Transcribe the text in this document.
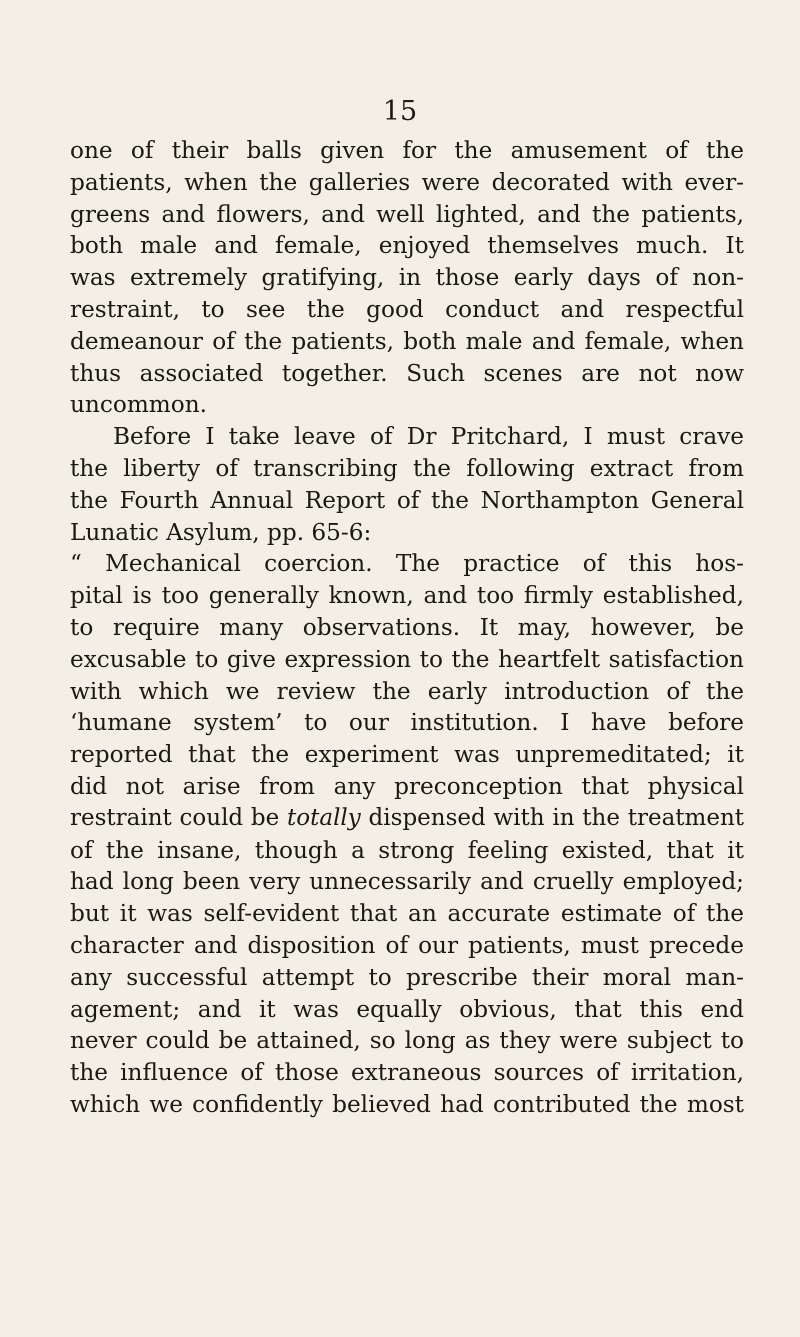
15
one of their balls given for the amusement of the
patients, when the galleries were decorated with ever-
greens and flowers, and well lighted, and the patients,
both male and female, enjoyed themselves much. It
was extremely gratifying, in those early days of non-
restraint, to see the good conduct and respectful
demeanour of the patients, both male and female, when
thus associated together. Such scenes are not now
uncommon.
Before I take leave of Dr Pritchard, I must crave
the liberty of transcribing the following extract from
the Fourth Annual Report of the Northampton General
Lunatic Asylum, pp. 65-6:
“ Mechanical coercion. The practice of this hos-
pital is too generally known, and too firmly established,
to require many observations. It may, however, be
excusable to give expression to the heartfelt satisfaction
with which we review the early introduction of the
‘humane system’ to our institution. I have before
reported that the experiment was unpremeditated; it
did not arise from any preconception that physical
restraint could be totally dispensed with in the treatment
of the insane, though a strong feeling existed, that it
had long been very unnecessarily and cruelly employed;
but it was self-evident that an accurate estimate of the
character and disposition of our patients, must precede
any successful attempt to prescribe their moral man-
agement; and it was equally obvious, that this end
never could be attained, so long as they were subject to
the influence of those extraneous sources of irritation,
which we confidently believed had contributed the most
